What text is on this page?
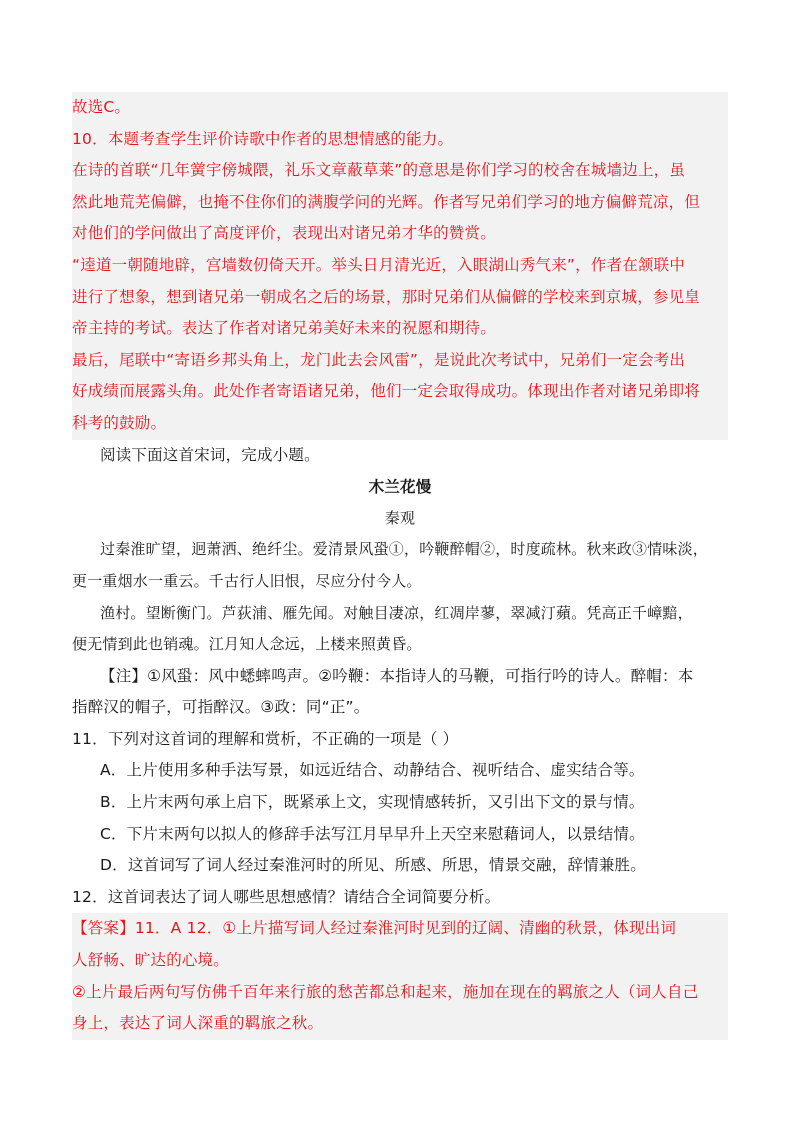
故选C。
10．本题考查学生评价诗歌中作者的思想情感的能力。
在诗的首联“几年黉宇傍城隈，礼乐文章蔽草莱”的意思是你们学习的校舍在城墙边上，虽
然此地荒芜偏僻，也掩不住你们的满腹学问的光辉。作者写兄弟们学习的地方偏僻荒凉，但
对他们的学问做出了高度评价，表现出对诸兄弟才华的赞赏。
“逵道一朝随地辟，宫墙数仞倚天开。举头日月清光近，入眼湖山秀气来”，作者在颔联中
进行了想象，想到诸兄弟一朝成名之后的场景，那时兄弟们从偏僻的学校来到京城，参见皇
帝主持的考试。表达了作者对诸兄弟美好未来的祝愿和期待。
最后，尾联中“寄语乡邦头角上，龙门此去会风雷”，是说此次考试中，兄弟们一定会考出
好成绩而展露头角。此处作者寄语诸兄弟，他们一定会取得成功。体现出作者对诸兄弟即将
科考的鼓励。
阅读下面这首宋词，完成小题。
木兰花慢
秦观
过秦淮旷望，迥萧洒、绝纤尘。爱清景风蛩①，吟鞭醉帽②，时度疏林。秋来政③情味淡，
更一重烟水一重云。千古行人旧恨，尽应分付今人。
渔村。望断衡门。芦荻浦、雁先闻。对触目凄凉，红凋岸蓼，翠减汀蘋。凭高正千嶂黯，
便无情到此也销魂。江月知人念远，上楼来照黄昏。
【注】①风蛩：风中蟋蟀鸣声。②吟鞭：本指诗人的马鞭，可指行吟的诗人。醉帽：本
指醉汉的帽子，可指醉汉。③政：同“正”。
11．下列对这首词的理解和赏析，不正确的一项是（ ）
A．上片使用多种手法写景，如远近结合、动静结合、视听结合、虚实结合等。
B．上片末两句承上启下，既紧承上文，实现情感转折，又引出下文的景与情。
C．下片末两句以拟人的修辞手法写江月早早升上天空来慰藉词人，以景结情。
D．这首词写了词人经过秦淮河时的所见、所感、所思，情景交融，辞情兼胜。
12．这首词表达了词人哪些思想感情？请结合全词简要分析。
【答案】11．A 12．①上片描写词人经过秦淮河时见到的辽阔、清幽的秋景，体现出词
人舒畅、旷达的心境。
②上片最后两句写仿佛千百年来行旅的愁苦都总和起来，施加在现在的羁旅之人（词人自己
身上，表达了词人深重的羁旅之秋。
